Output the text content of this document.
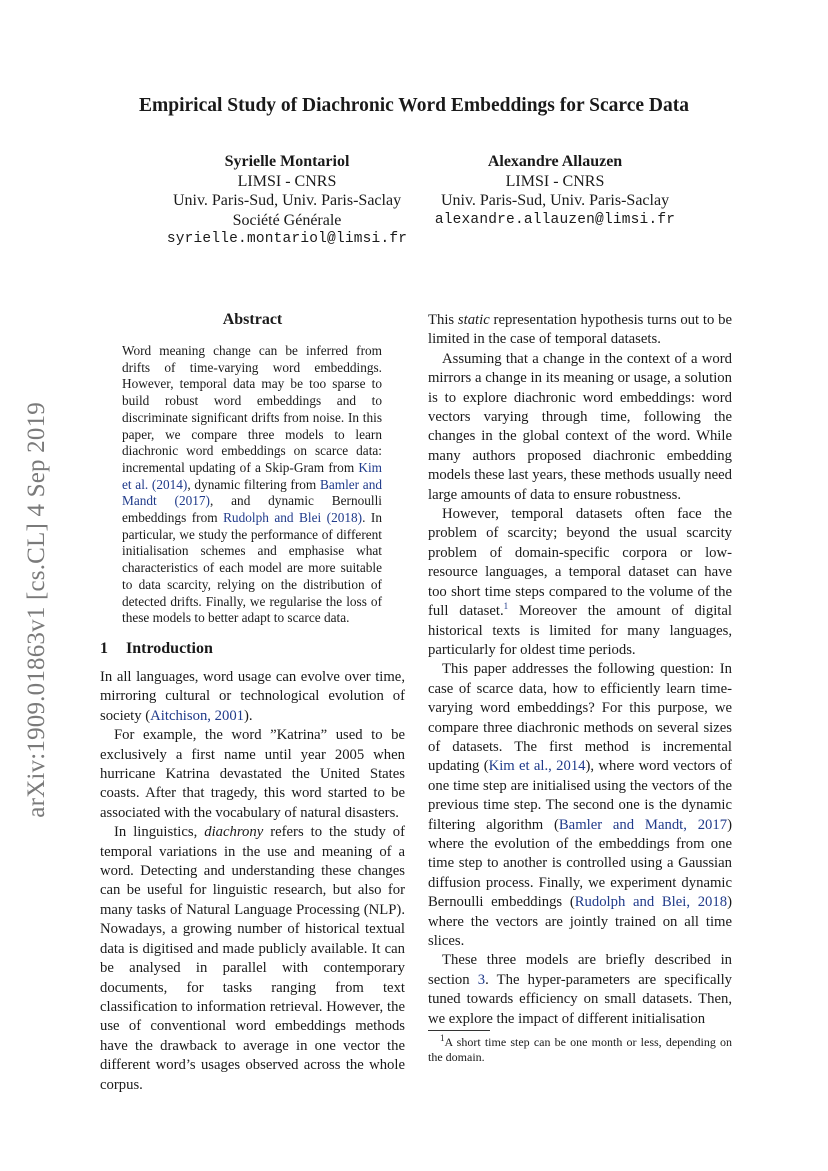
arXiv:1909.01863v1 [cs.CL] 4 Sep 2019
Empirical Study of Diachronic Word Embeddings for Scarce Data
Syrielle Montariol
LIMSI - CNRS
Univ. Paris-Sud, Univ. Paris-Saclay
Société Générale
syrielle.montariol@limsi.fr
Alexandre Allauzen
LIMSI - CNRS
Univ. Paris-Sud, Univ. Paris-Saclay
alexandre.allauzen@limsi.fr
Abstract

Word meaning change can be inferred from drifts of time-varying word embeddings. However, temporal data may be too sparse to build robust word embeddings and to discriminate significant drifts from noise. In this paper, we compare three models to learn diachronic word embeddings on scarce data: incremental updating of a Skip-Gram from Kim et al. (2014), dynamic filtering from Bamler and Mandt (2017), and dynamic Bernoulli embeddings from Rudolph and Blei (2018). In particular, we study the performance of different initialisation schemes and emphasise what characteristics of each model are more suitable to data scarcity, relying on the distribution of detected drifts. Finally, we regularise the loss of these models to better adapt to scarce data.

1 Introduction

In all languages, word usage can evolve over time, mirroring cultural or technological evolution of society (Aitchison, 2001).

For example, the word ”Katrina” used to be exclusively a first name until year 2005 when hurricane Katrina devastated the United States coasts. After that tragedy, this word started to be associated with the vocabulary of natural disasters.

In linguistics, diachrony refers to the study of temporal variations in the use and meaning of a word. Detecting and understanding these changes can be useful for linguistic research, but also for many tasks of Natural Language Processing (NLP). Nowadays, a growing number of historical textual data is digitised and made publicly available. It can be analysed in parallel with contemporary documents, for tasks ranging from text classification to information retrieval. However, the use of conventional word embeddings methods have the drawback to average in one vector the different word’s usages observed across the whole corpus.

This static representation hypothesis turns out to be limited in the case of temporal datasets.

Assuming that a change in the context of a word mirrors a change in its meaning or usage, a solution is to explore diachronic word embeddings: word vectors varying through time, following the changes in the global context of the word. While many authors proposed diachronic embedding models these last years, these methods usually need large amounts of data to ensure robustness.

However, temporal datasets often face the problem of scarcity; beyond the usual scarcity problem of domain-specific corpora or low-resource languages, a temporal dataset can have too short time steps compared to the volume of the full dataset.$^1$ Moreover the amount of digital historical texts is limited for many languages, particularly for oldest time periods.

This paper addresses the following question: In case of scarce data, how to efficiently learn time-varying word embeddings? For this purpose, we compare three diachronic methods on several sizes of datasets. The first method is incremental updating (Kim et al., 2014), where word vectors of one time step are initialised using the vectors of the previous time step. The second one is the dynamic filtering algorithm (Bamler and Mandt, 2017) where the evolution of the embeddings from one time step to another is controlled using a Gaussian diffusion process. Finally, we experiment dynamic Bernoulli embeddings (Rudolph and Blei, 2018) where the vectors are jointly trained on all time slices.

These three models are briefly described in section 3. The hyper-parameters are specifically tuned towards efficiency on small datasets. Then, we explore the impact of different initialisation

$^1$A short time step can be one month or less, depending on the domain.
